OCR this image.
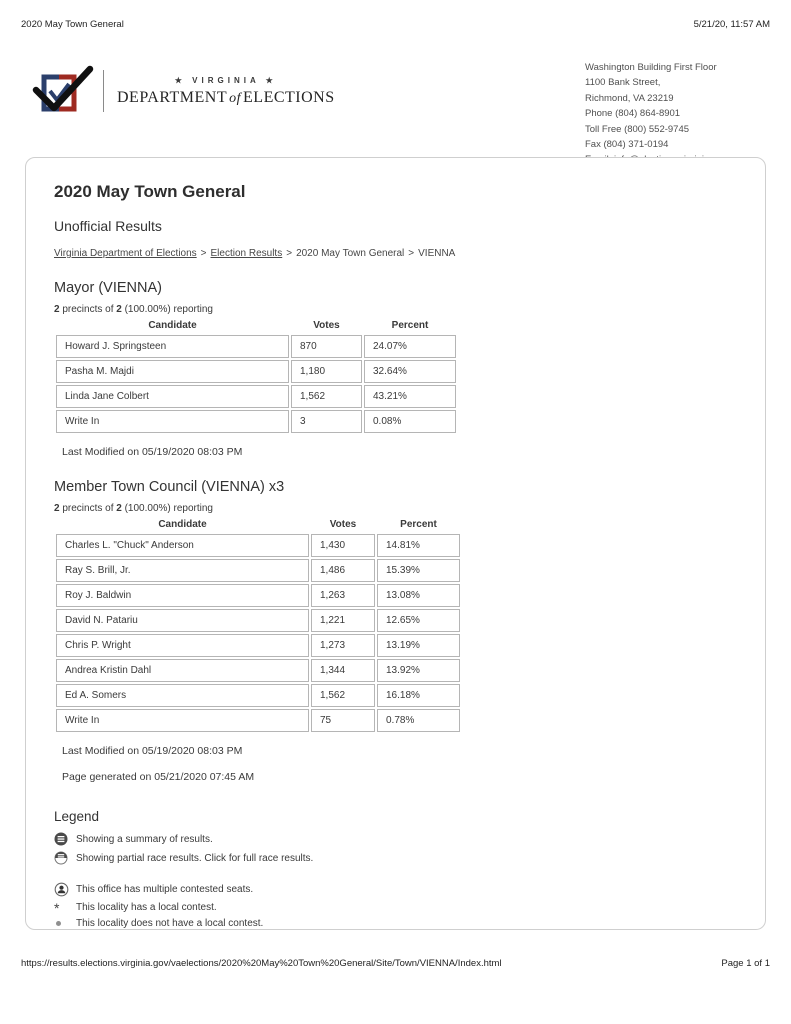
2020 May Town General	5/21/20, 11:57 AM
★ VIRGINIA ★
DEPARTMENT of ELECTIONS
Washington Building First Floor
1100 Bank Street,
Richmond, VA 23219
Phone (804) 864-8901
Toll Free (800) 552-9745
Fax (804) 371-0194
2020 May Town General
Unofficial Results
Virginia Department of Elections > Election Results > 2020 May Town General > VIENNA
Mayor (VIENNA)
2 precincts of 2 (100.00%) reporting
Candidate	Votes	Percent
Howard J. Springsteen	870	24.07%
Pasha M. Majdi	1,180	32.64%
Linda Jane Colbert	1,562	43.21%
Write In	3	0.08%
Last Modified on 05/19/2020 08:03 PM
Member Town Council (VIENNA) x3
2 precincts of 2 (100.00%) reporting
Candidate	Votes	Percent
Charles L. "Chuck" Anderson	1,430	14.81%
Ray S. Brill, Jr.	1,486	15.39%
Roy J. Baldwin	1,263	13.08%
David N. Patariu	1,221	12.65%
Chris P. Wright	1,273	13.19%
Andrea Kristin Dahl	1,344	13.92%
Ed A. Somers	1,562	16.18%
Write In	75	0.78%
Last Modified on 05/19/2020 08:03 PM
Page generated on 05/21/2020 07:45 AM
Legend
Showing a summary of results.
Showing partial race results. Click for full race results.
This office has multiple contested seats.
* This locality has a local contest.
This locality does not have a local contest.
https://results.elections.virginia.gov/vaelections/2020%20May%20Town%20General/Site/Town/VIENNA/Index.html	Page 1 of 1
